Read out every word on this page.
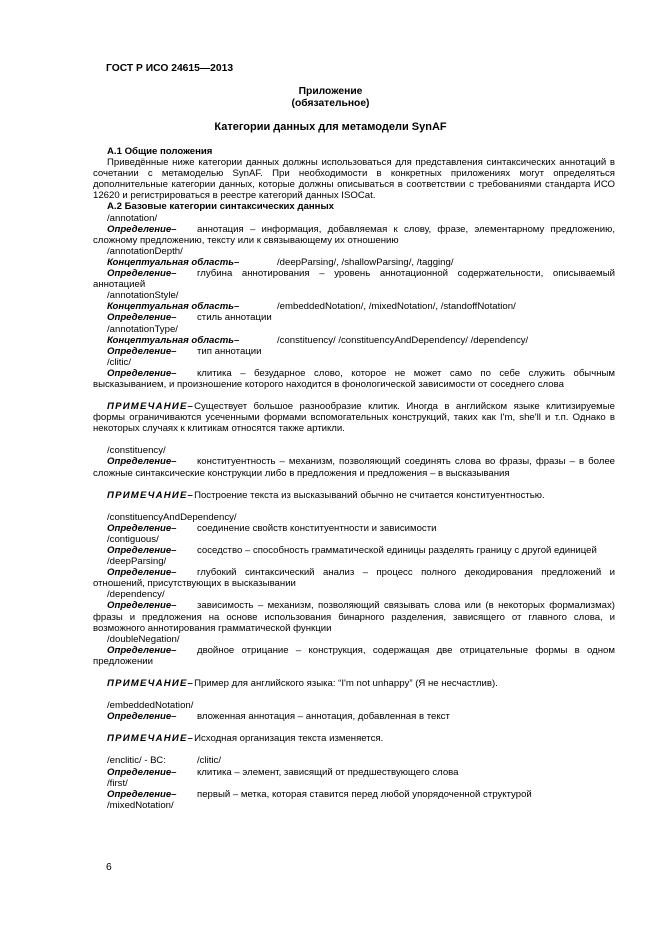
ГОСТ Р ИСО 24615—2013
Приложение
(обязательное)
Категории данных для метамодели SynAF
А.1 Общие положения
Приведённые ниже категории данных должны использоваться для представления синтаксических аннотаций в сочетании с метамоделью SynAF. При необходимости в конкретных приложениях могут определяться дополнительные категории данных, которые должны описываться в соответствии с требованиями стандарта ИСО 12620 и регистрироваться в реестре категорий данных ISOCat.
А.2 Базовые категории синтаксических данных
/annotation/
Определение– аннотация – информация, добавляемая к слову, фразе, элементарному предложению, сложному предложению, тексту или к связывающему их отношению
/annotationDepth/
Концептуальная область–	/deepParsing/, /shallowParsing/, /tagging/
Определение– глубина аннотирования – уровень аннотационной содержательности, описываемый аннотацией
/annotationStyle/
Концептуальная область–	/embeddedNotation/, /mixedNotation/, /standoffNotation/
Определение–	стиль аннотации
/annotationType/
Концептуальная область–	/constituency/ /constituencyAndDependency/ /dependency/
Определение–	тип аннотации
/clitic/
Определение– клитика – безударное слово, которое не может само по себе служить обычным высказыванием, и произношение которого находится в фонологической зависимости от соседнего слова
ПРИМЕЧАНИЕ–Существует большое разнообразие клитик. Иногда в английском языке клитизируемые формы ограничиваются усеченными формами вспомогательных конструкций, таких как I'm, she'll и т.п. Однако в некоторых случаях к клитикам относятся также артикли.
/constituency/
Определение– конституентность – механизм, позволяющий соединять слова во фразы, фразы – в более сложные синтаксические конструкции либо в предложения и предложения – в высказывания
ПРИМЕЧАНИЕ–Построение текста из высказываний обычно не считается конституентностью.
/constituencyAndDependency/
Определение–	соединение свойств конституентности и зависимости
/contiguous/
Определение– соседство – способность грамматической единицы разделять границу с другой единицей
/deepParsing/
Определение– глубокий синтаксический анализ – процесс полного декодирования предложений и отношений, присутствующих в высказывании
/dependency/
Определение– зависимость – механизм, позволяющий связывать слова или (в некоторых формализмах) фразы и предложения на основе использования бинарного разделения, зависящего от главного слова, и возможного аннотирования грамматической функции
/doubleNegation/
Определение– двойное отрицание – конструкция, содержащая две отрицательные формы в одном предложении
ПРИМЕЧАНИЕ–Пример для английского языка: “I'm not unhappy” (Я не несчастлив).
/embeddedNotation/
Определение–	вложенная аннотация – аннотация, добавленная в текст
ПРИМЕЧАНИЕ–Исходная организация текста изменяется.
/enclitic/ - ВС:	/clitic/
Определение–	клитика – элемент, зависящий от предшествующего слова
/first/
Определение–	первый – метка, которая ставится перед любой упорядоченной структурой
/mixedNotation/
6
